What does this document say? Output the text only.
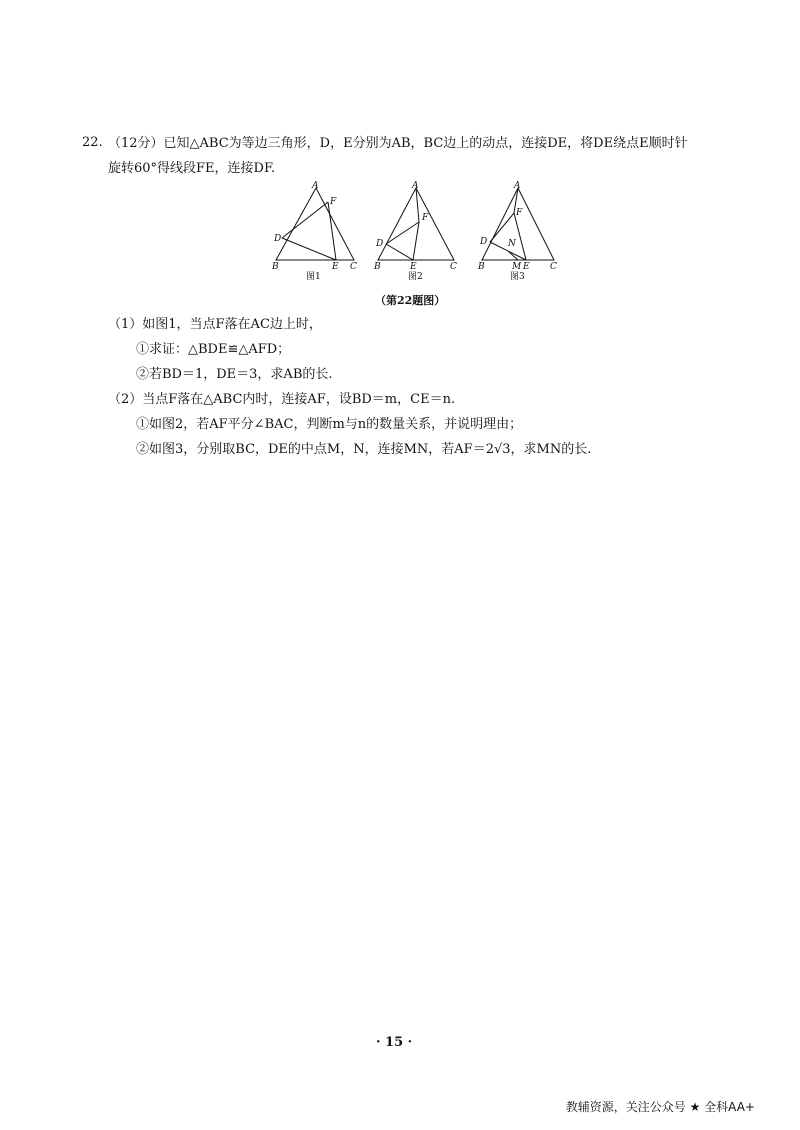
22. （12分）已知△ABC为等边三角形，D，E分别为AB，BC边上的动点，连接DE，将DE绕点E顺时针
旋转60°得线段FE，连接DF.
A
F
D
B	E C
图1
A
F
D
B	E	C
图2
A
F
D N
B	M E C
图3
（第22题图）
（1）如图1，当点F落在AC边上时，
①求证：△BDE≌△AFD；
②若BD＝1，DE＝3，求AB的长.
（2）当点F落在△ABC内时，连接AF，设BD＝m，CE＝n.
①如图2，若AF平分∠BAC，判断m与n的数量关系，并说明理由；
②如图3，分别取BC，DE的中点M，N，连接MN，若AF＝2√3，求MN的长.
· 15 ·
教辅资源，关注公众号 ★ 全科AA+
